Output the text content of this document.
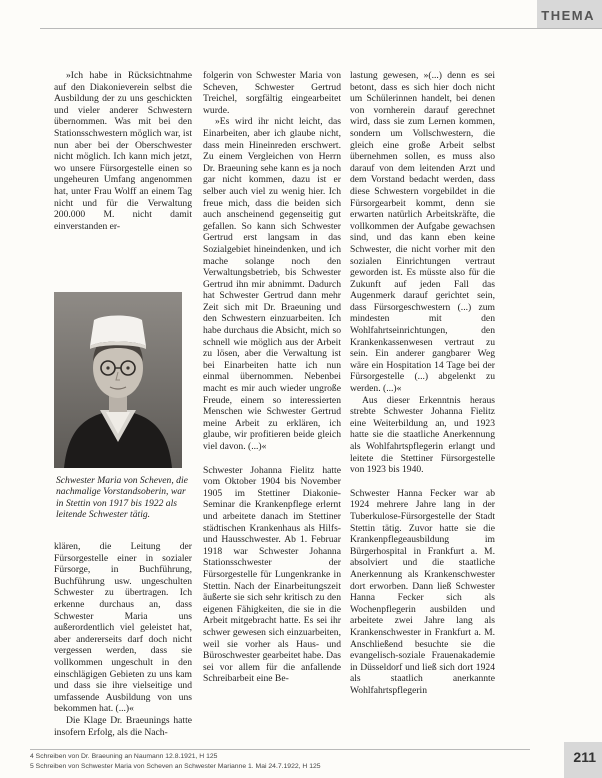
THEMA

»Ich habe in Rücksichtnahme auf den Diakonieverein selbst die Ausbildung der zu uns geschickten und vieler anderer Schwestern übernommen. Was mit bei den Stationsschwestern möglich war, ist nun aber bei der Oberschwester nicht möglich. Ich kann mich jetzt, wo unsere Fürsorgestelle einen so ungeheuren Umfang angenommen hat, unter Frau Wolff an einem Tag nicht und für die Verwaltung 200.000 M. nicht damit einverstanden er-

Schwester Maria von Scheven, die nachmalige Vorstandsoberin, war in Stettin von 1917 bis 1922 als leitende Schwester tätig.

klären, die Leitung der Fürsorgestelle einer in sozialer Fürsorge, in Buchführung, Buchführung usw. ungeschulten Schwester zu übertragen. Ich erkenne durchaus an, dass Schwester Maria uns außerordentlich viel geleistet hat, aber andererseits darf doch nicht vergessen werden, dass sie vollkommen ungeschult in den einschlägigen Gebieten zu uns kam und dass sie ihre vielseitige und umfassende Ausbildung von uns bekommen hat. (...)«

Die Klage Dr. Braeunings hatte insofern Erfolg, als die Nach-

folgerin von Schwester Maria von Scheven, Schwester Gertrud Treichel, sorgfältig eingearbeitet wurde.

»Es wird ihr nicht leicht, das Einarbeiten, aber ich glaube nicht, dass mein Hineinreden erschwert. Zu einem Vergleichen von Herrn Dr. Braeuning sehe kann es ja noch gar nicht kommen, dazu ist er selber auch viel zu wenig hier. Ich freue mich, dass die beiden sich auch anscheinend gegenseitig gut gefallen. So kann sich Schwester Gertrud erst langsam in das Sozialgebiet hineindenken, und ich mache solange noch den Verwaltungsbetrieb, bis Schwester Gertrud ihn mir abnimmt. Dadurch hat Schwester Gertrud dann mehr Zeit sich mit Dr. Braeuning und den Schwestern einzuarbeiten. Ich habe durchaus die Absicht, mich so schnell wie möglich aus der Arbeit zu lösen, aber die Verwaltung ist bei Einarbeiten hatte ich nun einmal übernommen. Nebenbei macht es mir auch wieder ungroße Freude, einem so interessierten Menschen wie Schwester Gertrud meine Arbeit zu erklären, ich glaube, wir profitieren beide gleich viel davon. (...)«

Schwester Johanna Fielitz hatte vom Oktober 1904 bis November 1905 im Stettiner Diakonie-Seminar die Krankenpflege erlernt und arbeitete danach im Stettiner städtischen Krankenhaus als Hilfs- und Hausschwester. Ab 1. Februar 1918 war Schwester Johanna Stationsschwester der Fürsorgestelle für Lungenkranke in Stettin. Nach der Einarbeitungszeit äußerte sie sich sehr kritisch zu den eigenen Fähigkeiten, die sie in die Arbeit mitgebracht hatte. Es sei ihr schwer gewesen sich einzuarbeiten, weil sie vorher als Haus- und Büroschwester gearbeitet habe. Das sei vor allem für die anfallende Schreibarbeit eine Be-

lastung gewesen, »(...) denn es sei betont, dass es sich hier doch nicht um Schülerinnen handelt, bei denen von vornherein darauf gerechnet wird, dass sie zum Lernen kommen, sondern um Vollschwestern, die gleich eine große Arbeit selbst übernehmen sollen, es muss also darauf von dem leitenden Arzt und dem Vorstand bedacht werden, dass diese Schwestern vorgebildet in die Fürsorgearbeit kommt, denn sie erwarten natürlich Arbeitskräfte, die vollkommen der Aufgabe gewachsen sind, und das kann eben keine Schwester, die nicht vorher mit den sozialen Einrichtungen vertraut geworden ist. Es müsste also für die Zukunft auf jeden Fall das Augenmerk darauf gerichtet sein, dass Fürsorgeschwestern (...) zum mindesten mit den Wohlfahrtseinrichtungen, den Krankenkassenwesen vertraut zu sein. Ein anderer gangbarer Weg wäre ein Hospitation 14 Tage bei der Fürsorgestelle (...) abgelenkt zu werden. (...)«

Aus dieser Erkenntnis heraus strebte Schwester Johanna Fielitz eine Weiterbildung an, und 1923 hatte sie die staatliche Anerkennung als Wohlfahrtspflegerin erlangt und leitete die Stettiner Fürsorgestelle von 1923 bis 1940.

Schwester Hanna Fecker war ab 1924 mehrere Jahre lang in der Tuberkulose-Fürsorgestelle der Stadt Stettin tätig. Zuvor hatte sie die Krankenpflegeausbildung im Bürgerhospital in Frankfurt a. M. absolviert und die staatliche Anerkennung als Krankenschwester dort erworben. Dann ließ Schwester Hanna Fecker sich als Wochenpflegerin ausbilden und arbeitete zwei Jahre lang als Krankenschwester in Frankfurt a. M. Anschließend besuchte sie die evangelisch-soziale Frauenakademie in Düsseldorf und ließ sich dort 1924 als staatlich anerkannte Wohlfahrtspflegerin

4 Schreiben von Dr. Braeuning an Naumann 12.8.1921, H 125
5 Schreiben von Schwester Maria von Scheven an Schwester Marianne 1. Mai 24.7.1922, H 125
211
